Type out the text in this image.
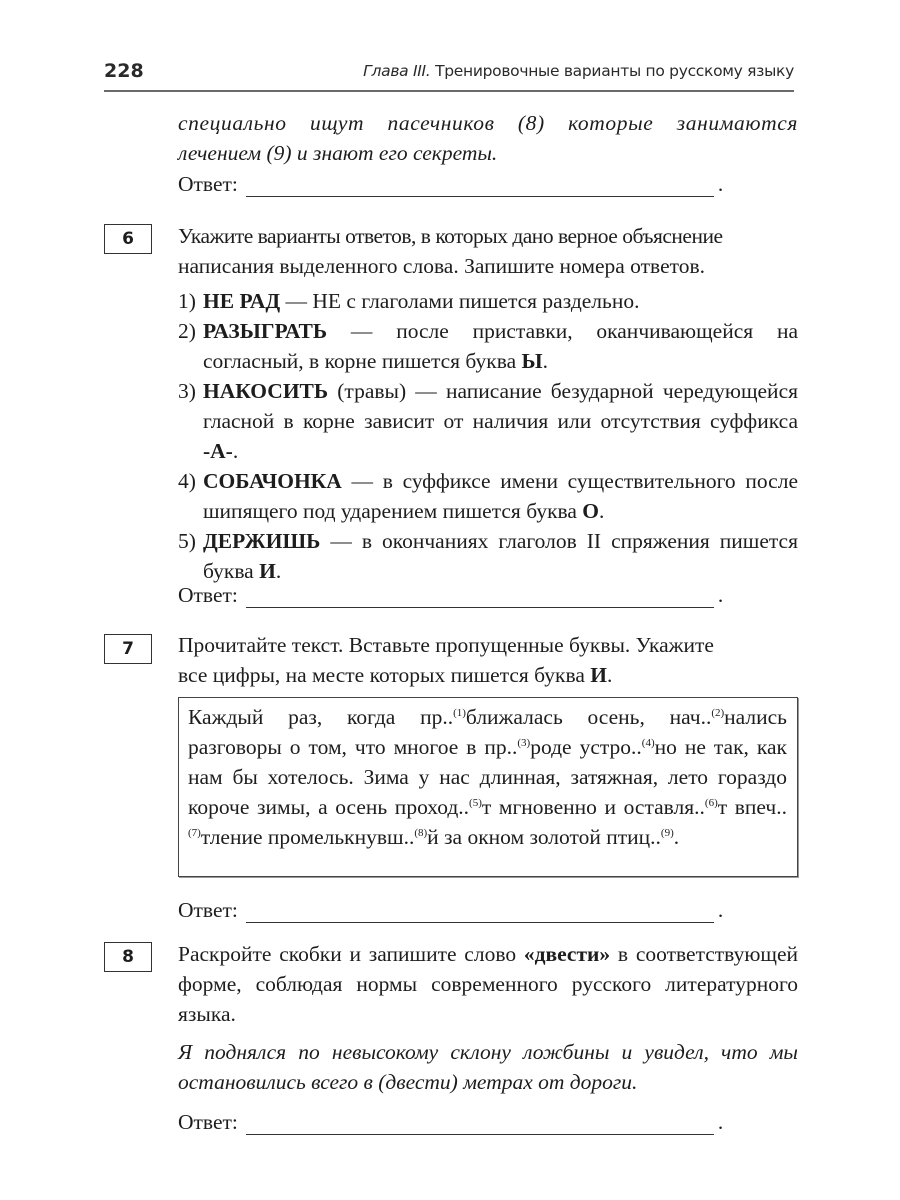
228	Глава III. Тренировочные варианты по русскому языку
специально ищут пасечников (8) которые занимаются
лечением (9) и знают его секреты.
Ответ:	.
6	Укажите варианты ответов, в которых дано верное объяснение
написания выделенного слова. Запишите номера ответов.
1) НЕ РАД — НЕ с глаголами пишется раздельно.
2) РАЗЫГРАТЬ — после приставки, оканчивающейся на согласный, в корне пишется буква Ы.
3) НАКОСИТЬ (травы) — написание безударной чередующейся гласной в корне зависит от наличия или отсутствия суффикса -А-.
4) СОБАЧОНКА — в суффиксе имени существительного после шипящего под ударением пишется буква О.
5) ДЕРЖИШЬ — в окончаниях глаголов II спряжения пишется буква И.
Ответ:	.
7	Прочитайте текст. Вставьте пропущенные буквы. Укажите
все цифры, на месте которых пишется буква И.
Каждый раз, когда пр..$^{(1)}$ближалась осень, нач..$^{(2)}$нались разговоры о том, что многое в пр..$^{(3)}$роде устро..$^{(4)}$но не так, как нам бы хотелось. Зима у нас длинная, затяжная, лето гораздо короче зимы, а осень проход..$^{(5)}$т мгновенно и оставля..$^{(6)}$т впеч..$^{(7)}$тление промелькнувш..$^{(8)}$й за окном золотой птиц..$^{(9)}$.
Ответ:	.
8	Раскройте скобки и запишите слово «двести» в соответствующей форме, соблюдая нормы современного русского литературного языка.
Я поднялся по невысокому склону ложбины и увидел, что мы остановились всего в (двести) метрах от дороги.
Ответ:	.
